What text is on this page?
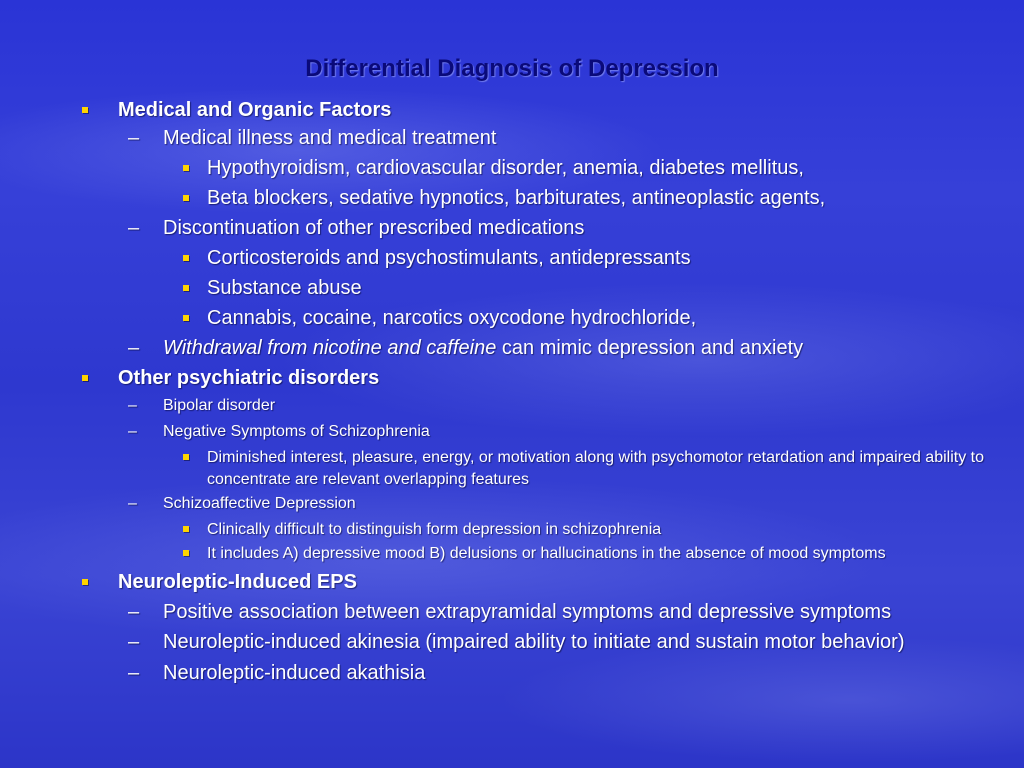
Differential Diagnosis of Depression
Medical and Organic Factors
– Medical illness and medical treatment
Hypothyroidism, cardiovascular disorder, anemia, diabetes mellitus,
Beta blockers, sedative hypnotics, barbiturates, antineoplastic agents,
– Discontinuation of other prescribed medications
Corticosteroids and psychostimulants, antidepressants
Substance abuse
Cannabis, cocaine, narcotics oxycodone hydrochloride,
– Withdrawal from nicotine and caffeine can mimic depression and anxiety
Other psychiatric disorders
– Bipolar disorder
– Negative Symptoms of Schizophrenia
Diminished interest, pleasure, energy, or motivation along with psychomotor retardation and impaired ability to concentrate are relevant overlapping features
– Schizoaffective Depression
Clinically difficult to distinguish form depression in schizophrenia
It includes A) depressive mood B) delusions or hallucinations in the absence of mood symptoms
Neuroleptic-Induced EPS
– Positive association between extrapyramidal symptoms and depressive symptoms
– Neuroleptic-induced akinesia (impaired ability to initiate and sustain motor behavior)
– Neuroleptic-induced akathisia
